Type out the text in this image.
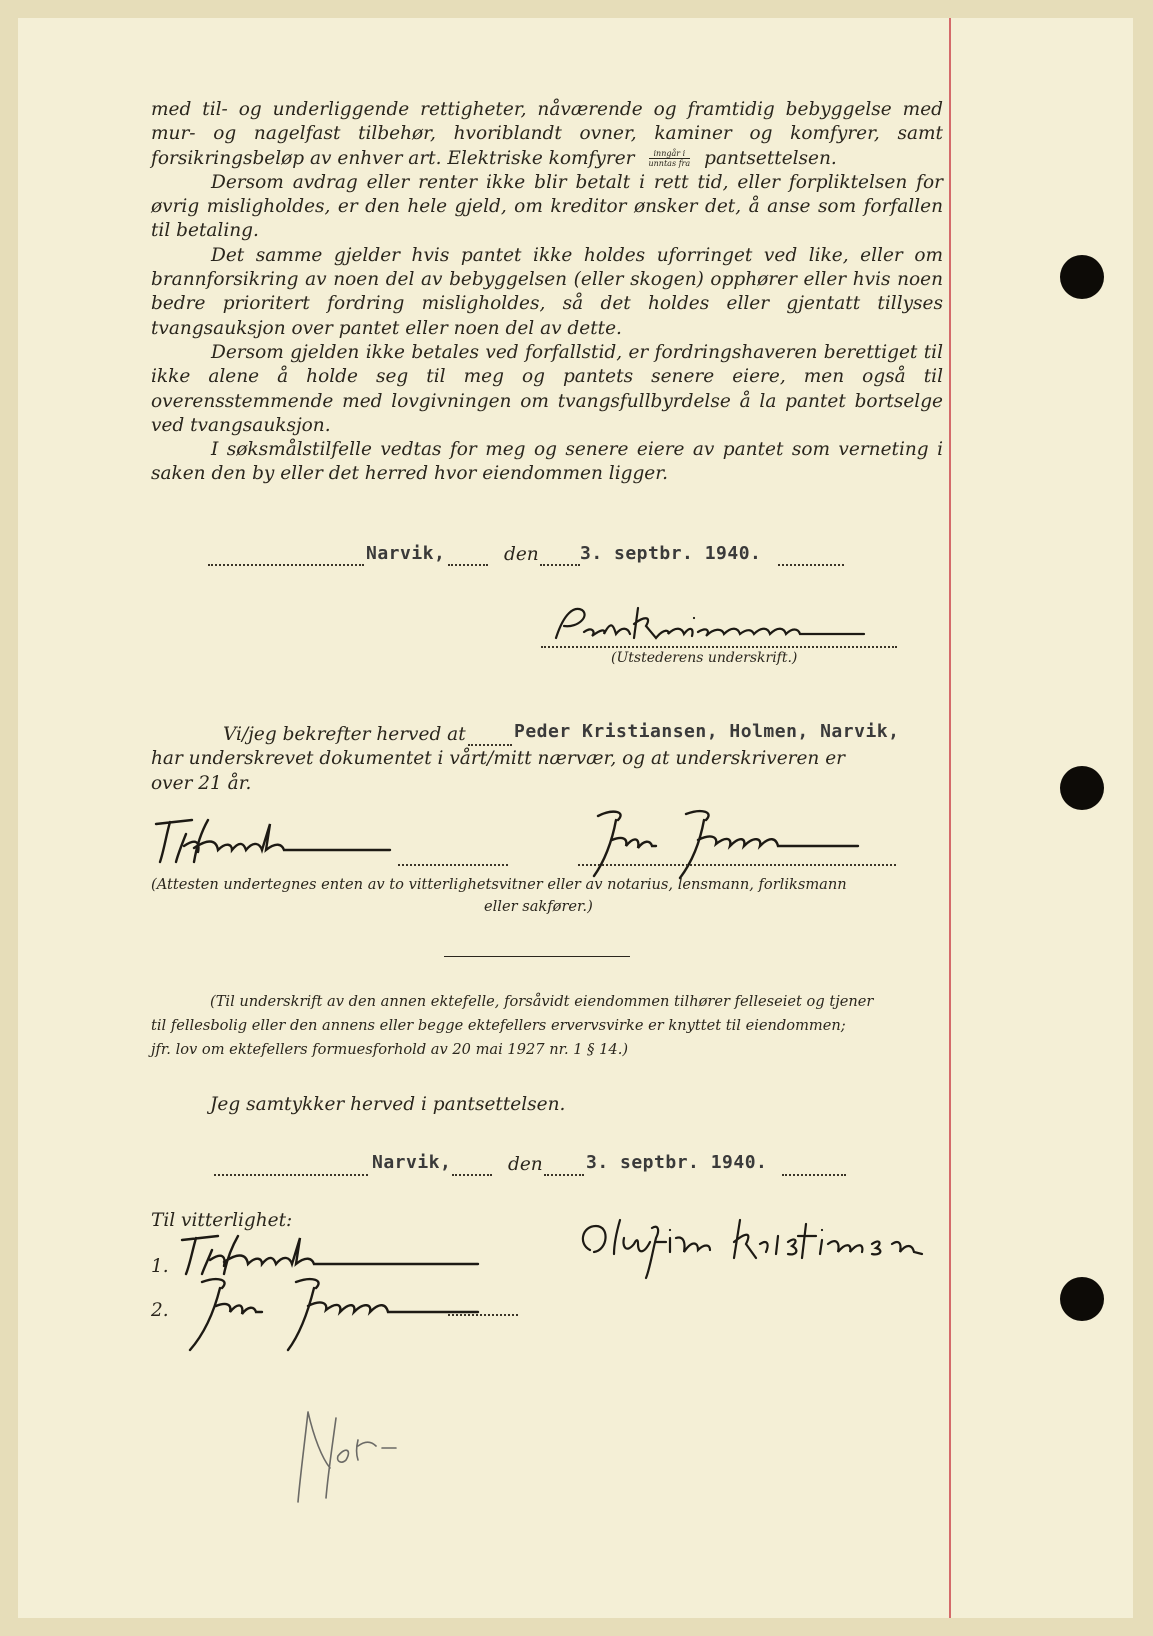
med til- og underliggende rettigheter, nåværende og framtidig bebyggelse med mur- og nagelfast tilbehør, hvoriblandt ovner, kaminer og komfyrer, samt forsikringsbeløp av enhver art. Elektriske komfyrer $\frac{\text{inngår i}}{\text{unntas fra}}$ pantsettelsen.

Dersom avdrag eller renter ikke blir betalt i rett tid, eller forpliktelsen for øvrig misligholdes, er den hele gjeld, om kreditor ønsker det, å anse som forfallen til betaling.

Det samme gjelder hvis pantet ikke holdes uforringet ved like, eller om brannforsikring av noen del av bebyggelsen (eller skogen) opphører eller hvis noen bedre prioritert fordring misligholdes, så det holdes eller gjentatt tillyses tvangsauksjon over pantet eller noen del av dette.

Dersom gjelden ikke betales ved forfallstid, er fordringshaveren berettiget til ikke alene å holde seg til meg og pantets senere eiere, men også til overensstemmende med lovgivningen om tvangsfullbyrdelse å la pantet bortselge ved tvangsauksjon.

I søksmålstilfelle vedtas for meg og senere eiere av pantet som verneting i saken den by eller det herred hvor eiendommen ligger.

Narvik,	den 3. septbr. 1940.
(Utstederens underskrift.)
Vi/jeg bekrefter herved at	Peder Kristiansen, Holmen, Narvik,
har underskrevet dokumentet i vårt/mitt nærvær, og at underskriveren er
over 21 år.
(Attesten undertegnes enten av to vitterlighetsvitner eller av notarius, lensmann, forliksmann
eller sakfører.)
(Til underskrift av den annen ektefelle, forsåvidt eiendommen tilhører felleseiet og tjener
til fellesbolig eller den annens eller begge ektefellers ervervsvirke er knyttet til eiendommen;
jfr. lov om ektefellers formuesforhold av 20 mai 1927 nr. 1 § 14.)
Jeg samtykker herved i pantsettelsen.
Narvik,	den 3. septbr. 1940.
Til vitterlighet:
1.
2.
